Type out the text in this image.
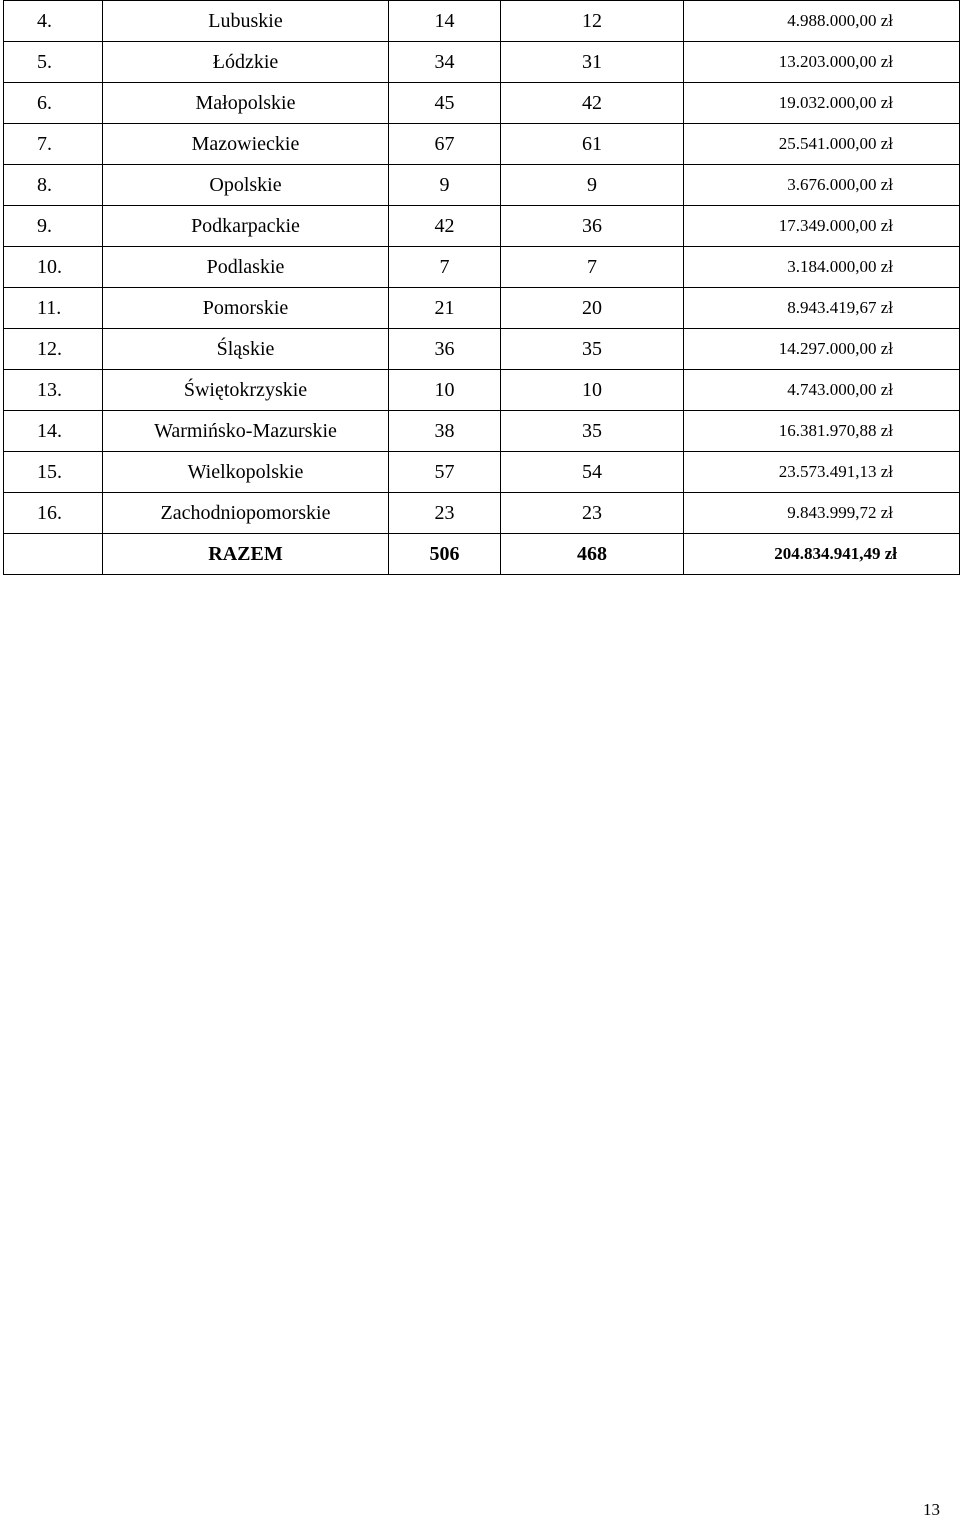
4.	Lubuskie	14	12	4.988.000,00 zł
5.	Łódzkie	34	31	13.203.000,00 zł
6.	Małopolskie	45	42	19.032.000,00 zł
7.	Mazowieckie	67	61	25.541.000,00 zł
8.	Opolskie	9	9	3.676.000,00 zł
9.	Podkarpackie	42	36	17.349.000,00 zł
10.	Podlaskie	7	7	3.184.000,00 zł
11.	Pomorskie	21	20	8.943.419,67 zł
12.	Śląskie	36	35	14.297.000,00 zł
13.	Świętokrzyskie	10	10	4.743.000,00 zł
14.	Warmińsko-Mazurskie	38	35	16.381.970,88 zł
15.	Wielkopolskie	57	54	23.573.491,13 zł
16.	Zachodniopomorskie	23	23	9.843.999,72 zł
	RAZEM	506	468	204.834.941,49 zł
13
